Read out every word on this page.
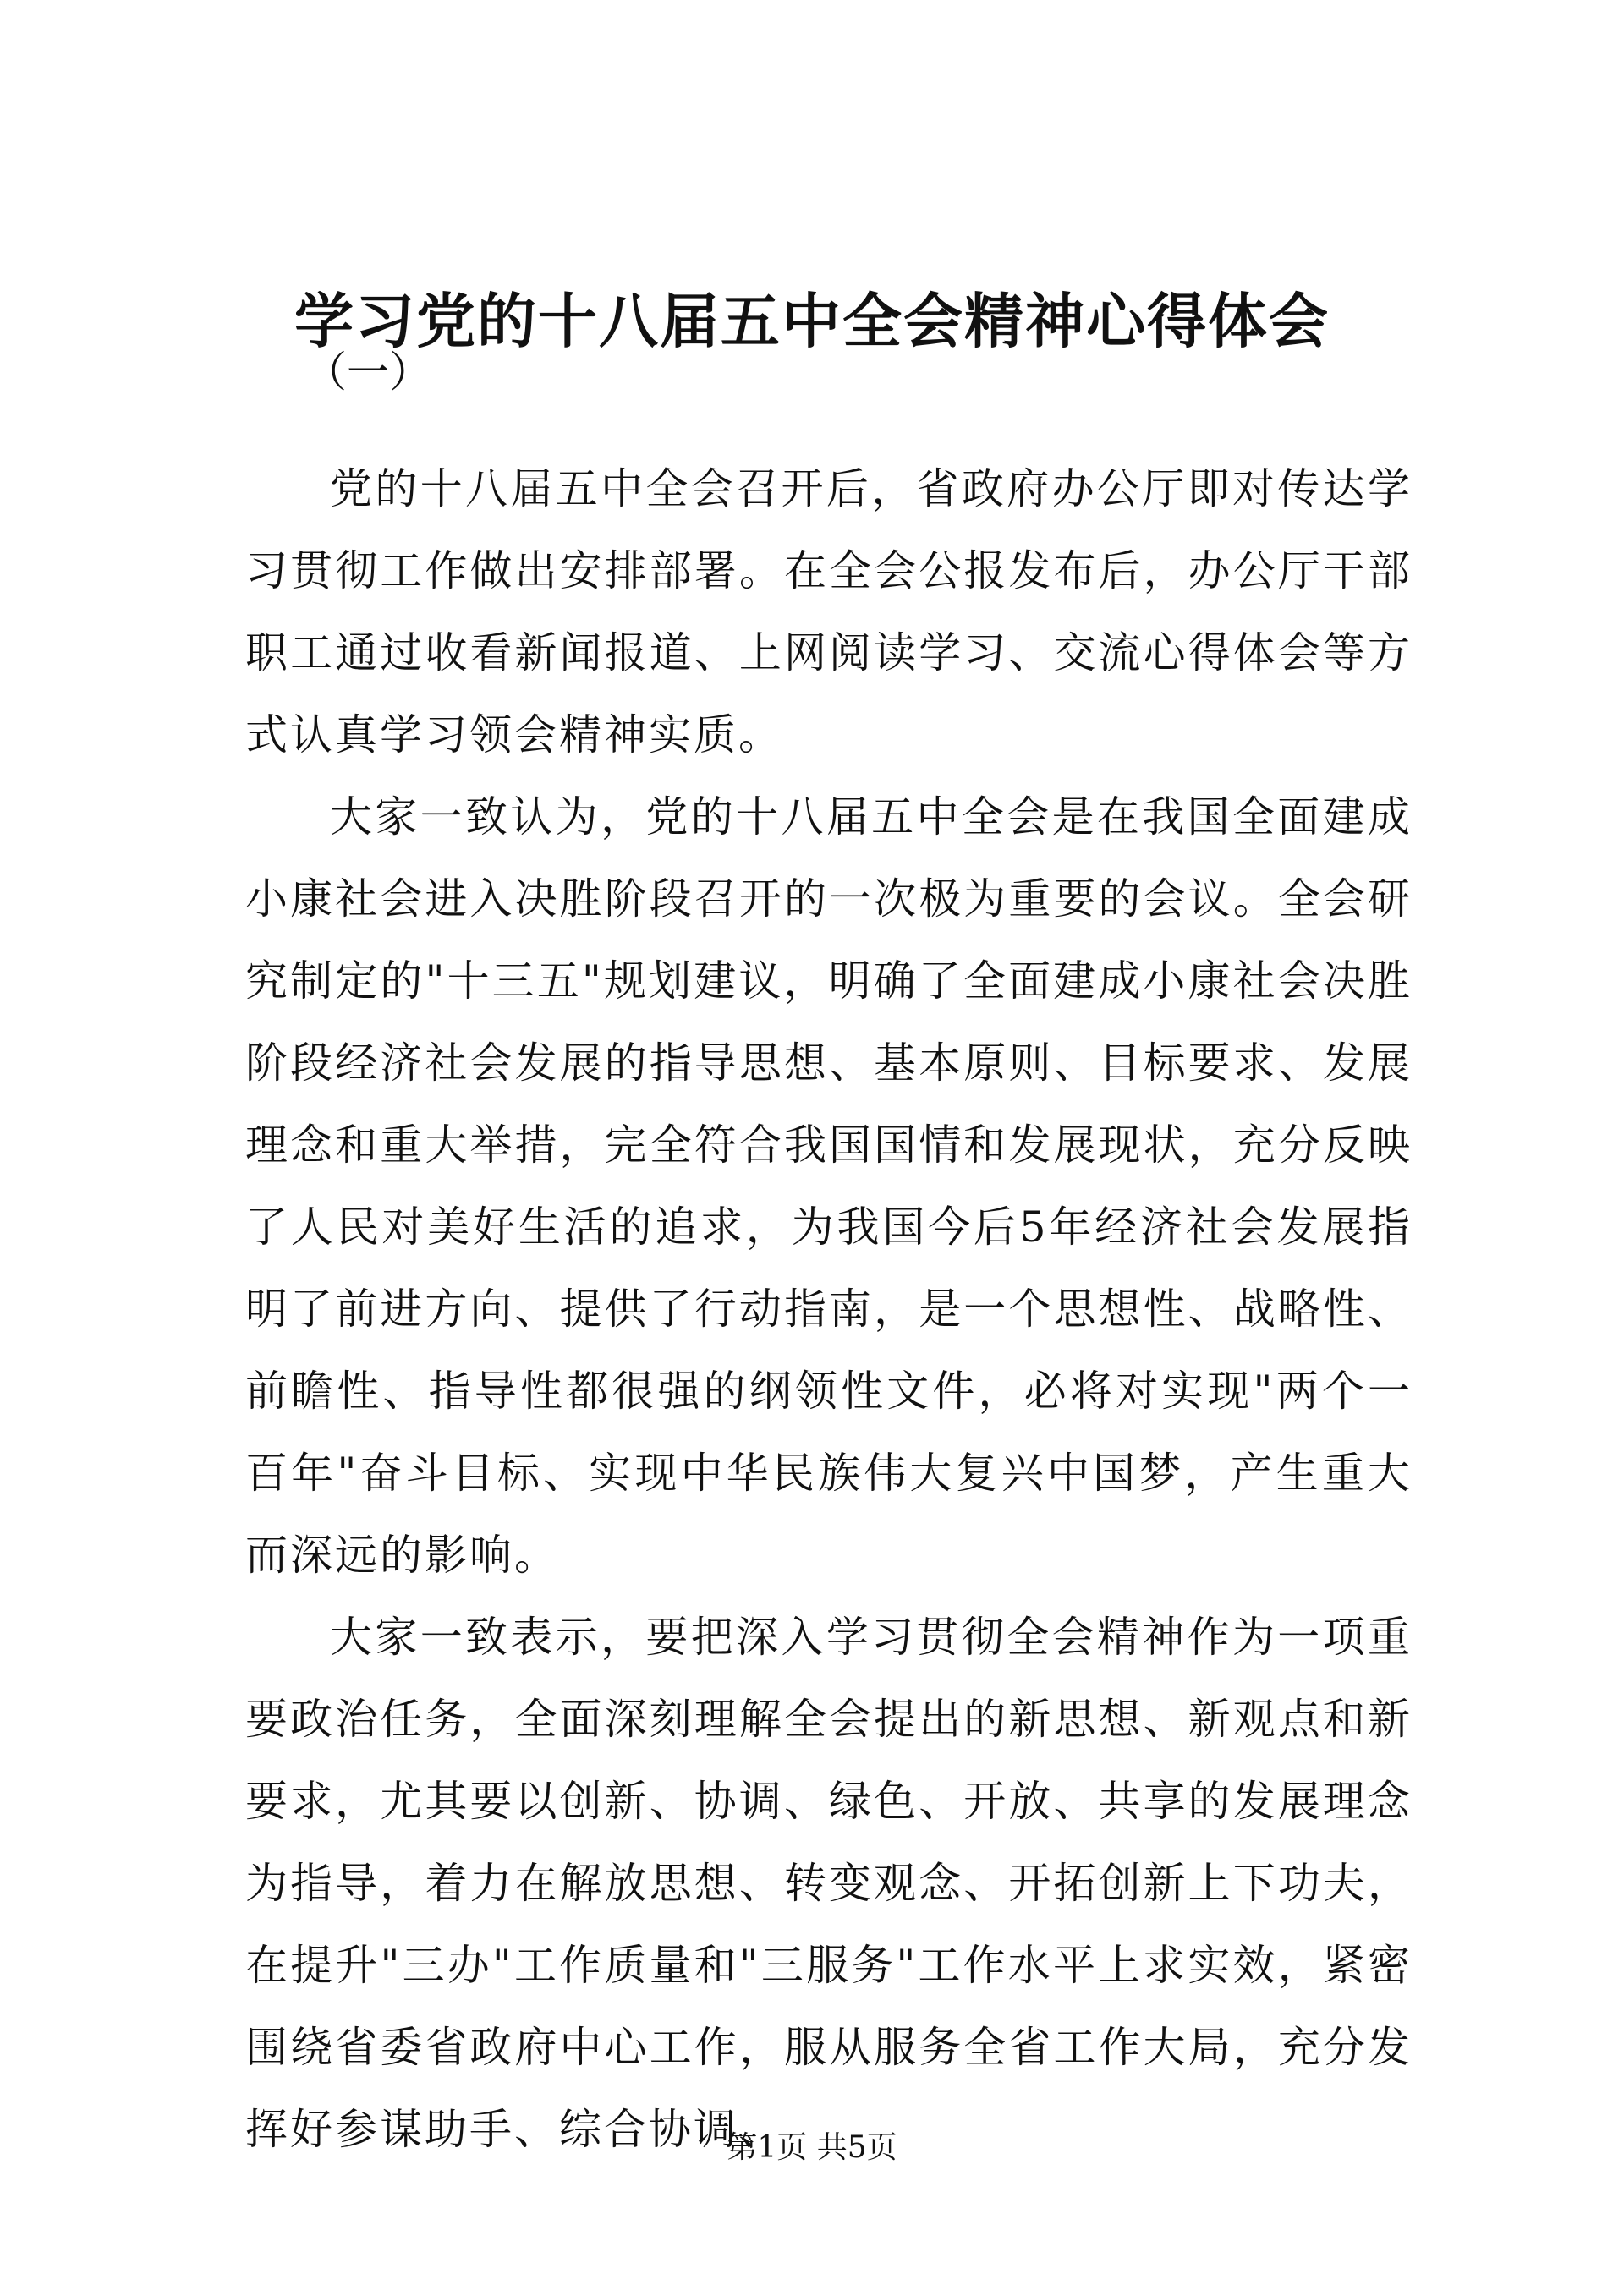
学习党的十八届五中全会精神心得体会
（一）

党的十八届五中全会召开后，省政府办公厅即对传达学习贯彻工作做出安排部署。在全会公报发布后，办公厅干部职工通过收看新闻报道、上网阅读学习、交流心得体会等方式认真学习领会精神实质。

大家一致认为，党的十八届五中全会是在我国全面建成小康社会进入决胜阶段召开的一次极为重要的会议。全会研究制定的"十三五"规划建议，明确了全面建成小康社会决胜阶段经济社会发展的指导思想、基本原则、目标要求、发展理念和重大举措，完全符合我国国情和发展现状，充分反映了人民对美好生活的追求，为我国今后5年经济社会发展指明了前进方向、提供了行动指南，是一个思想性、战略性、前瞻性、指导性都很强的纲领性文件，必将对实现"两个一百年"奋斗目标、实现中华民族伟大复兴中国梦，产生重大而深远的影响。

大家一致表示，要把深入学习贯彻全会精神作为一项重要政治任务，全面深刻理解全会提出的新思想、新观点和新要求，尤其要以创新、协调、绿色、开放、共享的发展理念为指导，着力在解放思想、转变观念、开拓创新上下功夫，在提升"三办"工作质量和"三服务"工作水平上求实效，紧密围绕省委省政府中心工作，服从服务全省工作大局，充分发挥好参谋助手、综合协调、

第1页 共5页
